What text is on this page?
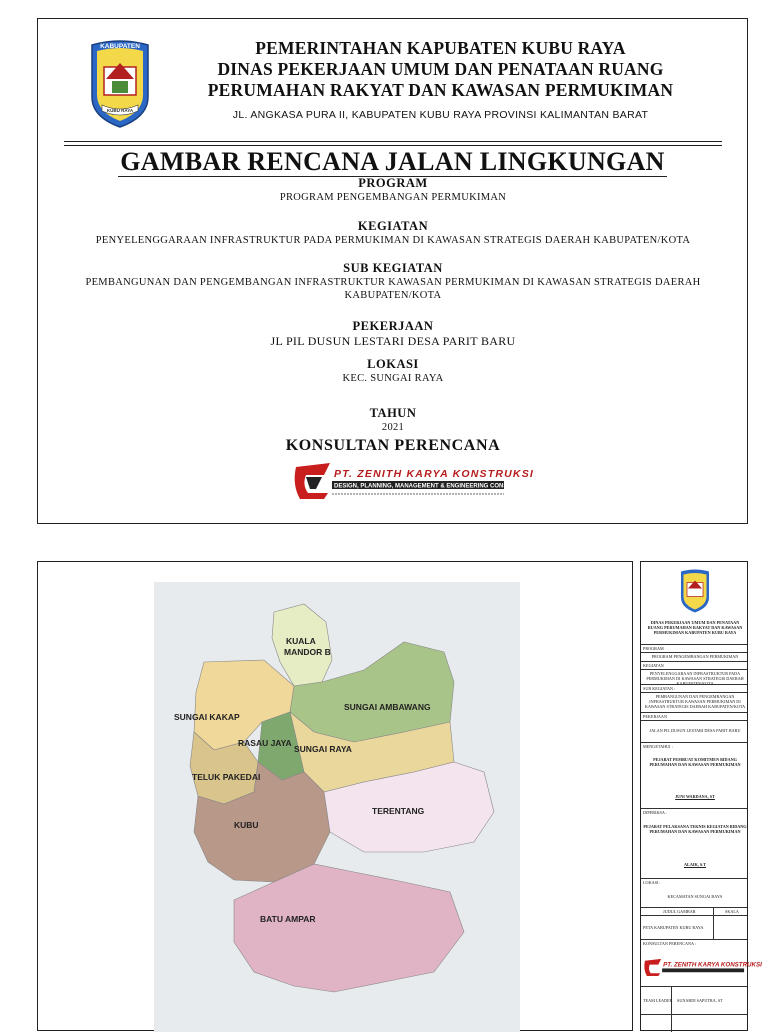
KABUPATEN
KUBU RAYA
PEMERINTAHAN KAPUBATEN KUBU RAYA
DINAS PEKERJAAN UMUM DAN PENATAAN RUANG
PERUMAHAN RAKYAT DAN KAWASAN PERMUKIMAN
JL. ANGKASA PURA II, KABUPATEN KUBU RAYA PROVINSI KALIMANTAN BARAT
GAMBAR RENCANA JALAN LINGKUNGAN
PROGRAM
PROGRAM PENGEMBANGAN PERMUKIMAN
KEGIATAN
PENYELENGGARAAN INFRASTRUKTUR PADA PERMUKIMAN DI KAWASAN STRATEGIS DAERAH KABUPATEN/KOTA
SUB KEGIATAN
PEMBANGUNAN DAN PENGEMBANGAN INFRASTRUKTUR KAWASAN PERMUKIMAN DI KAWASAN STRATEGIS DAERAH
KABUPATEN/KOTA
PEKERJAAN
JL PIL DUSUN LESTARI DESA PARIT BARU
LOKASI
KEC. SUNGAI RAYA
TAHUN
2021
KONSULTAN PERENCANA
PT. ZENITH KARYA KONSTRUKSI
DESIGN, PLANNING, MANAGEMENT & ENGINEERING CONSULTANT
KUALA
MANDOR B
SUNGAI AMBAWANG
SUNGAI KAKAP
RASAU JAYA
SUNGAI RAYA
TELUK PAKEDAI
KUBU
TERENTANG
BATU AMPAR
DINAS PEKERJAAN UMUM DAN PENATAAN RUANG PERUMAHAN RAKYAT DAN KAWASAN PERMUKIMAN KABUPATEN KUBU RAYA
PROGRAM
PROGRAM PENGEMBANGAN PERMUKIMAN
KEGIATAN
PENYELENGGARAAN INFRASTRUKTUR PADA PERMUKIMAN DI KAWASAN STRATEGIS DAERAH KABUPATEN/KOTA
SUB KEGIATAN :
PEMBANGUNAN DAN PENGEMBANGAN INFRASTRUKTUR KAWASAN PERMUKIMAN DI KAWASAN STRATEGIS DAERAH KABUPATEN/KOTA
PEKERJAAN
JALAN PIL DUSUN LESTARI DESA PARIT BARU
MENGETAHUI :
PEJABAT PEMBUAT KOMITMEN BIDANG PERUMAHAN DAN KAWASAN PERMUKIMAN
JUNI WARDANA, ST
DIPERIKSA :
PEJABAT PELAKSANA TEKNIS KEGIATAN BIDANG PERUMAHAN DAN KAWASAN PERMUKIMAN
ALAIK, S.T
LOKASI :
KECAMATAN SUNGAI RAYA
JUDUL GAMBAR	SKALA
PETA KABUPATEN KUBU RAYA
KONSULTAN PERENCANA :
PT. ZENITH KARYA KONSTRUKSI
TEAM LEADER SUNARDI SAPUTRA, ST
